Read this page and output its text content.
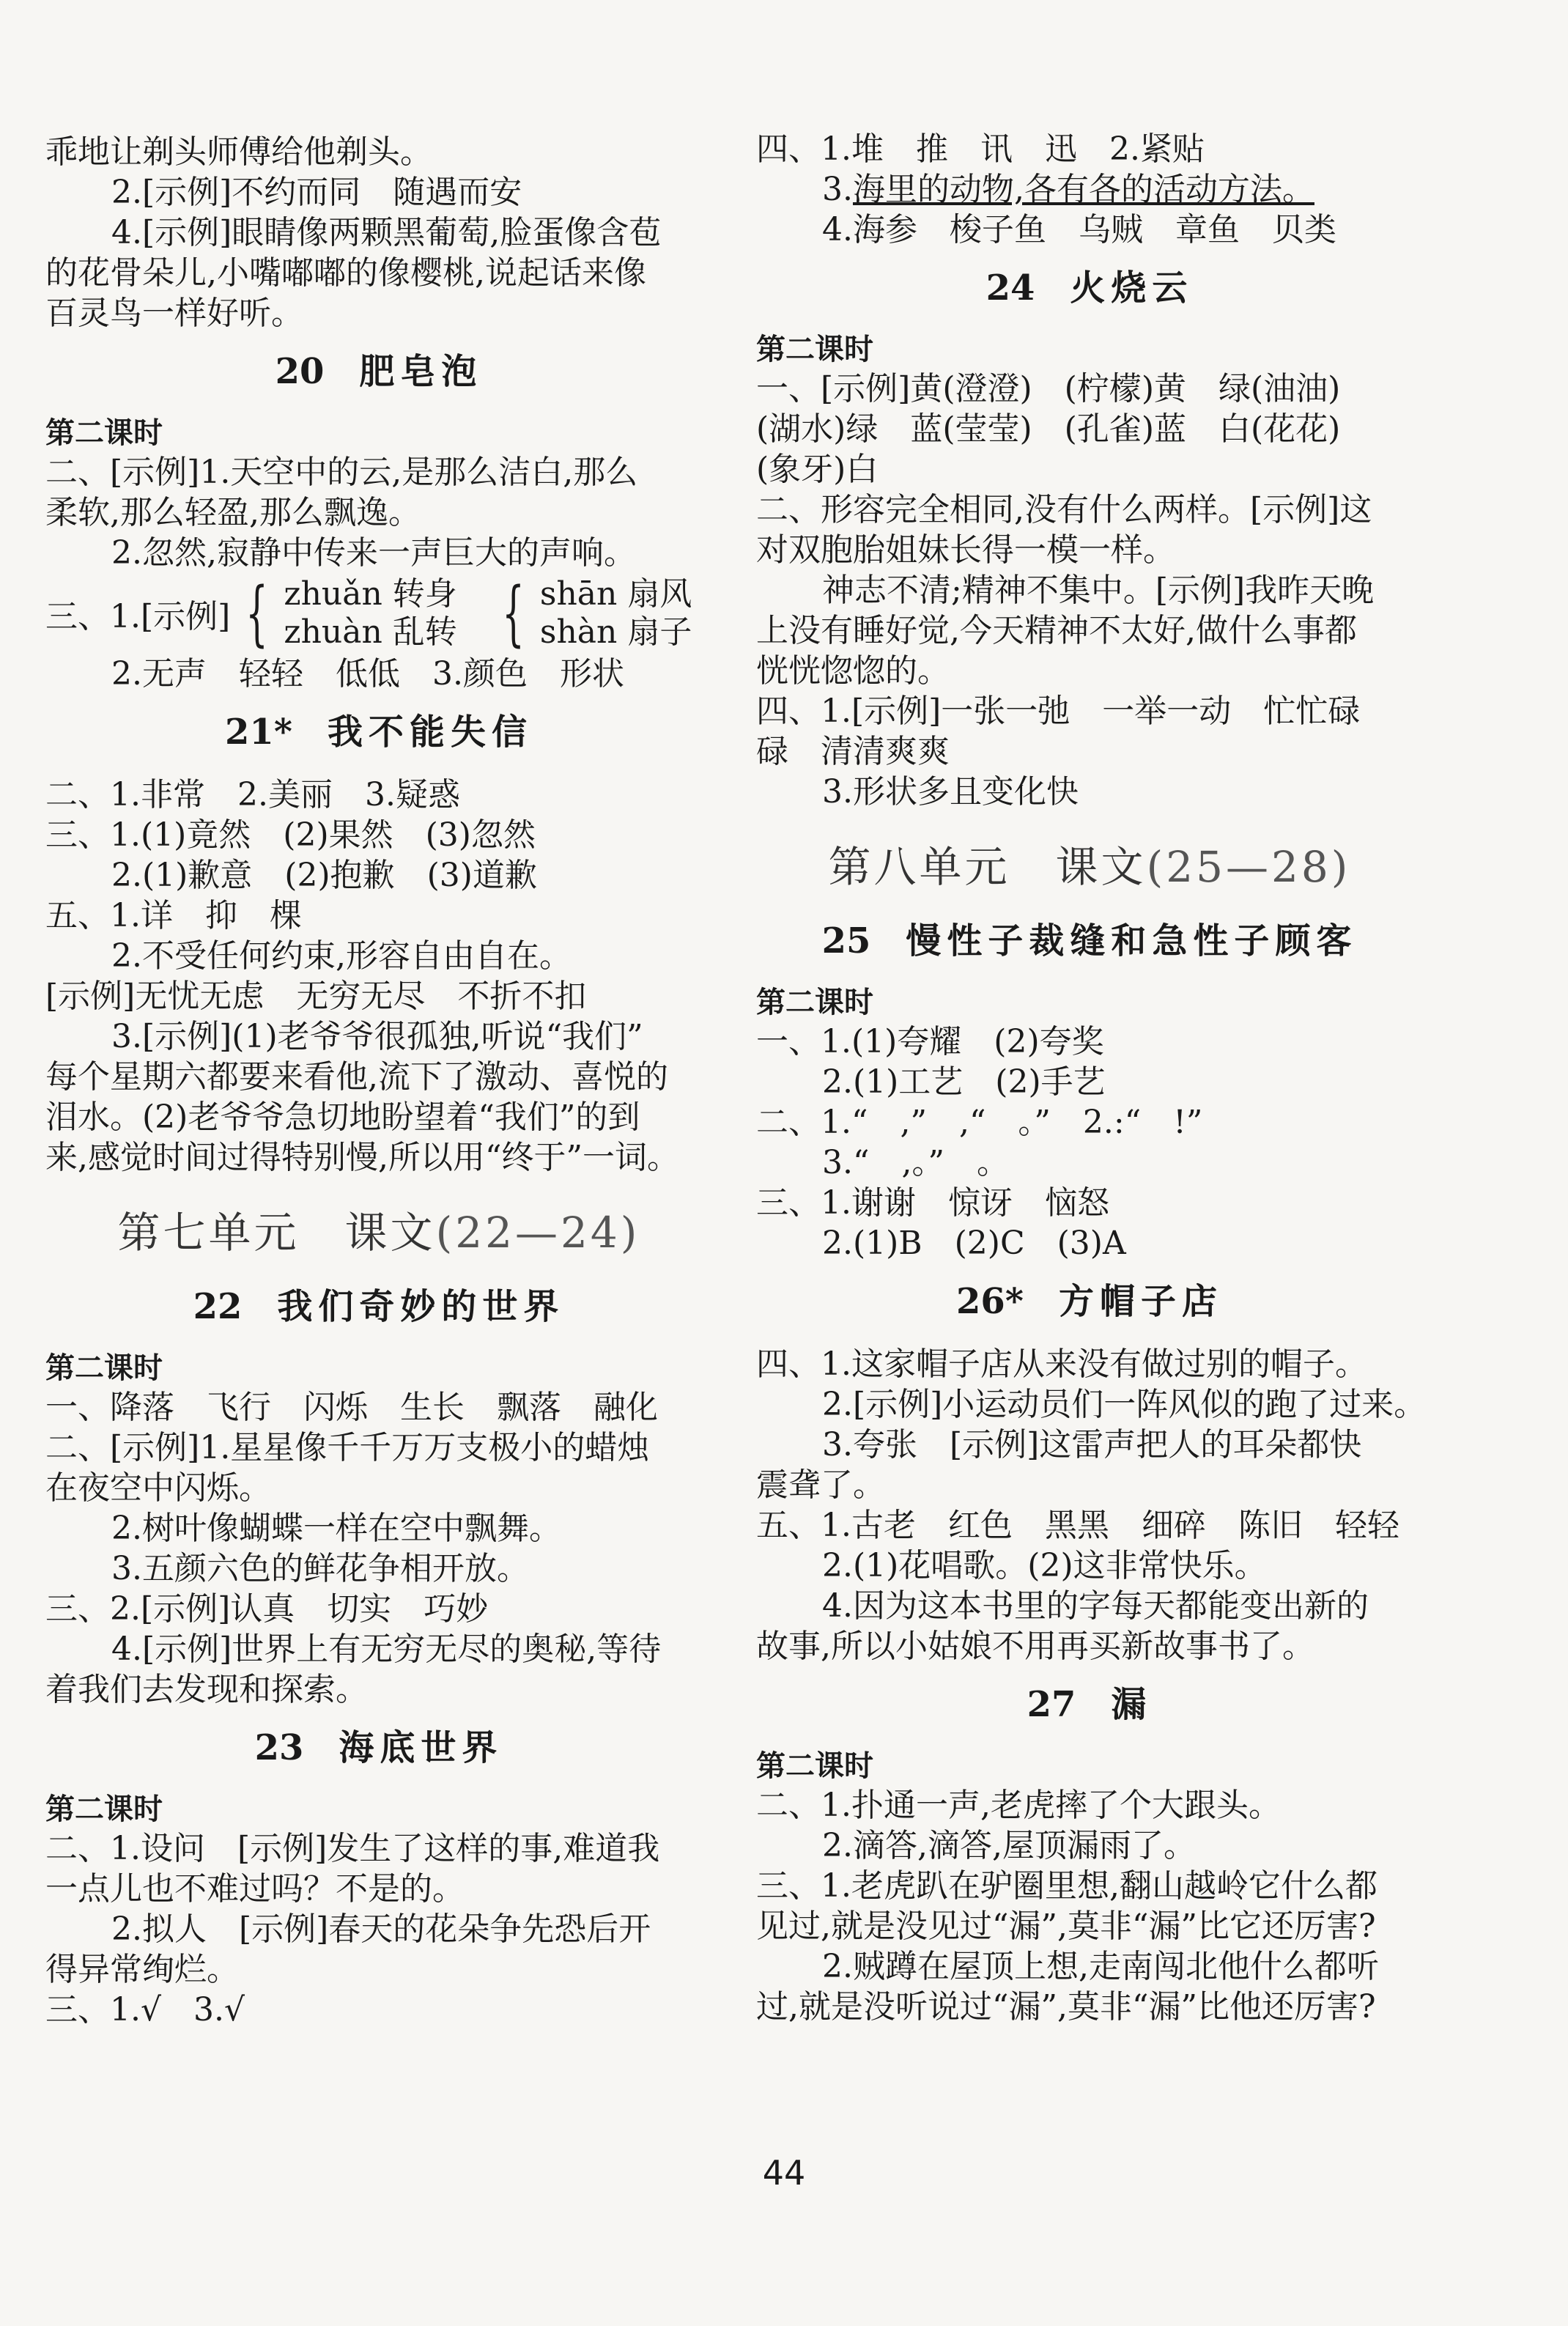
乖地让剃头师傅给他剃头。
2.[示例]不约而同　随遇而安
4.[示例]眼睛像两颗黑葡萄,脸蛋像含苞
的花骨朵儿,小嘴嘟嘟的像樱桃,说起话来像
百灵鸟一样好听。
20 肥皂泡
第二课时
二、[示例]1.天空中的云,是那么洁白,那么
柔软,那么轻盈,那么飘逸。
2.忽然,寂静中传来一声巨大的声响。
三、1.[示例] { zhuǎn 转身
zhuàn 乱转 { shān 扇风
shàn 扇子
2.无声　轻轻　低低　3.颜色　形状
21* 我不能失信
二、1.非常　2.美丽　3.疑惑
三、1.(1)竟然　(2)果然　(3)忽然
2.(1)歉意　(2)抱歉　(3)道歉
五、1.详　抑　棵
2.不受任何约束,形容自由自在。
[示例]无忧无虑　无穷无尽　不折不扣
3.[示例](1)老爷爷很孤独,听说“我们”
每个星期六都要来看他,流下了激动、喜悦的
泪水。(2)老爷爷急切地盼望着“我们”的到
来,感觉时间过得特别慢,所以用“终于”一词。
第七单元　课文(22—24)
22 我们奇妙的世界
第二课时
一、降落　飞行　闪烁　生长　飘落　融化
二、[示例]1.星星像千千万万支极小的蜡烛
在夜空中闪烁。
2.树叶像蝴蝶一样在空中飘舞。
3.五颜六色的鲜花争相开放。
三、2.[示例]认真　切实　巧妙
4.[示例]世界上有无穷无尽的奥秘,等待
着我们去发现和探索。
23 海底世界
第二课时
二、1.设问　[示例]发生了这样的事,难道我
一点儿也不难过吗？不是的。
2.拟人　[示例]春天的花朵争先恐后开
得异常绚烂。
三、1.√　3.√
四、1.堆　推　讯　迅　2.紧贴
3.海里的动物,各有各的活动方法。
4.海参　梭子鱼　乌贼　章鱼　贝类
24 火烧云
第二课时
一、[示例]黄(澄澄)　(柠檬)黄　绿(油油)
(湖水)绿　蓝(莹莹)　(孔雀)蓝　白(花花)
(象牙)白
二、形容完全相同,没有什么两样。[示例]这
对双胞胎姐妹长得一模一样。
神志不清;精神不集中。[示例]我昨天晚
上没有睡好觉,今天精神不太好,做什么事都
恍恍惚惚的。
四、1.[示例]一张一弛　一举一动　忙忙碌
碌　清清爽爽
3.形状多且变化快
第八单元　课文(25—28)
25 慢性子裁缝和急性子顾客
第二课时
一、1.(1)夸耀　(2)夸奖
2.(1)工艺　(2)手艺
二、1.“　,”　,“　。”　2.:“　!”
3.“　,。”　。
三、1.谢谢　惊讶　恼怒
2.(1)B　(2)C　(3)A
26* 方帽子店
四、1.这家帽子店从来没有做过别的帽子。
2.[示例]小运动员们一阵风似的跑了过来。
3.夸张　[示例]这雷声把人的耳朵都快
震聋了。
五、1.古老　红色　黑黑　细碎　陈旧　轻轻
2.(1)花唱歌。(2)这非常快乐。
4.因为这本书里的字每天都能变出新的
故事,所以小姑娘不用再买新故事书了。
27 漏
第二课时
二、1.扑通一声,老虎摔了个大跟头。
2.滴答,滴答,屋顶漏雨了。
三、1.老虎趴在驴圈里想,翻山越岭它什么都
见过,就是没见过“漏”,莫非“漏”比它还厉害?
2.贼蹲在屋顶上想,走南闯北他什么都听
过,就是没听说过“漏”,莫非“漏”比他还厉害?
44
